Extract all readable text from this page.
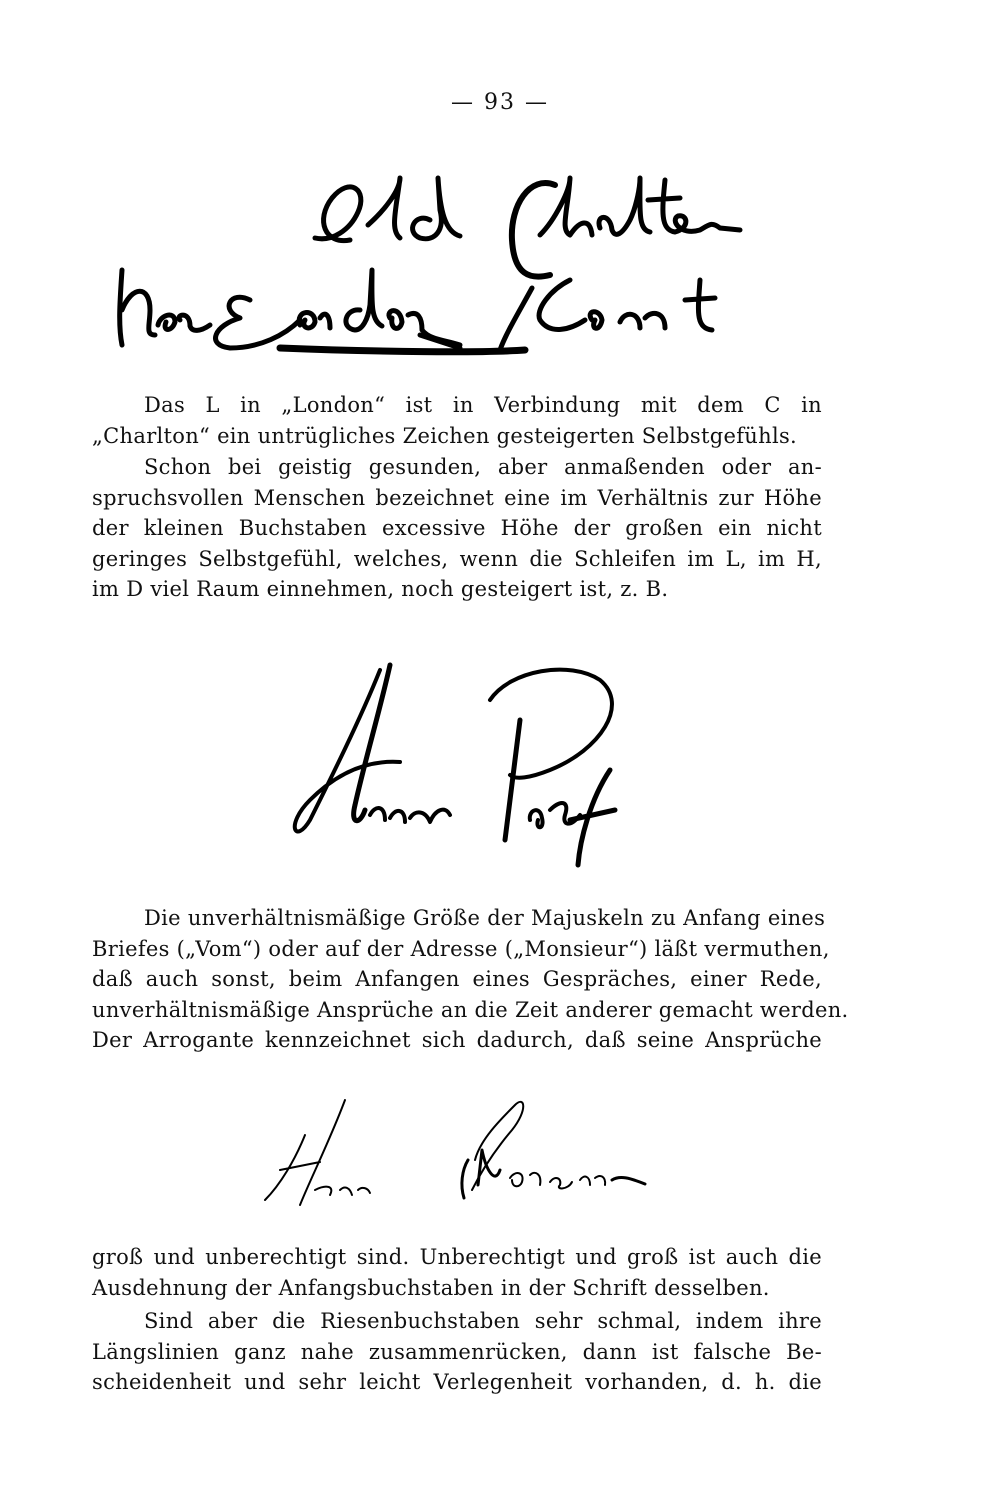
— 93 —
Das L in „London“ ist in Verbindung mit dem C in
„Charlton“ ein untrügliches Zeichen gesteigerten Selbstgefühls.
Schon bei geistig gesunden, aber anmaßenden oder an-
spruchsvollen Menschen bezeichnet eine im Verhältnis zur Höhe
der kleinen Buchstaben excessive Höhe der großen ein nicht
geringes Selbstgefühl, welches, wenn die Schleifen im L, im H,
im D viel Raum einnehmen, noch gesteigert ist, z. B.
Die unverhältnismäßige Größe der Majuskeln zu Anfang eines
Briefes („Vom“) oder auf der Adresse („Monsieur“) läßt vermuthen,
daß auch sonst, beim Anfangen eines Gespräches, einer Rede,
unverhältnismäßige Ansprüche an die Zeit anderer gemacht werden.
Der Arrogante kennzeichnet sich dadurch, daß seine Ansprüche
groß und unberechtigt sind. Unberechtigt und groß ist auch die
Ausdehnung der Anfangsbuchstaben in der Schrift desselben.
Sind aber die Riesenbuchstaben sehr schmal, indem ihre
Längslinien ganz nahe zusammenrücken, dann ist falsche Be-
scheidenheit und sehr leicht Verlegenheit vorhanden, d. h. die
